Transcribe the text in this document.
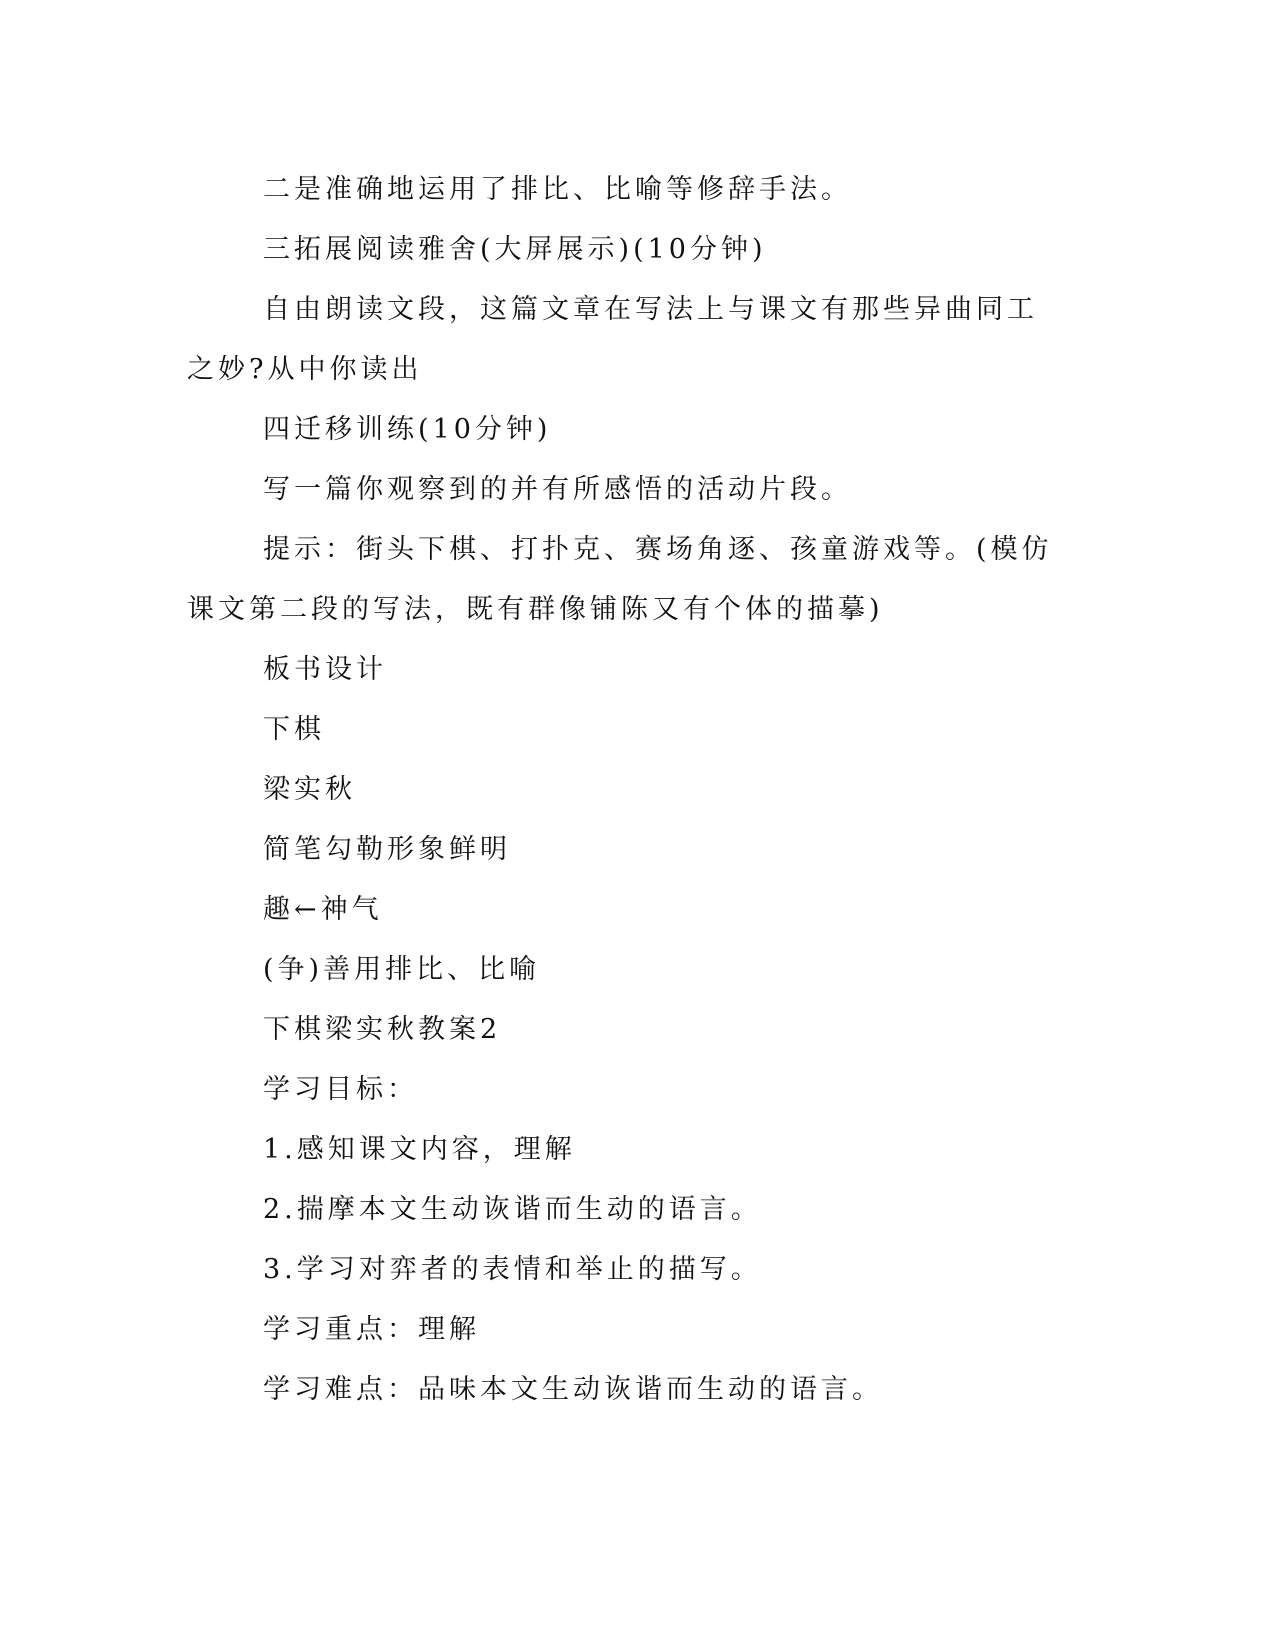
二是准确地运用了排比、比喻等修辞手法。

三拓展阅读雅舍(大屏展示)(10分钟)

自由朗读文段，这篇文章在写法上与课文有那些异曲同工之妙?从中你读出

四迁移训练(10分钟)

写一篇你观察到的并有所感悟的活动片段。

提示：街头下棋、打扑克、赛场角逐、孩童游戏等。(模仿课文第二段的写法，既有群像铺陈又有个体的描摹)

板书设计

下棋

梁实秋

简笔勾勒形象鲜明

趣←神气

(争)善用排比、比喻

下棋梁实秋教案2

学习目标：

1.感知课文内容，理解

2.揣摩本文生动诙谐而生动的语言。

3.学习对弈者的表情和举止的描写。

学习重点：理解

学习难点：品味本文生动诙谐而生动的语言。
